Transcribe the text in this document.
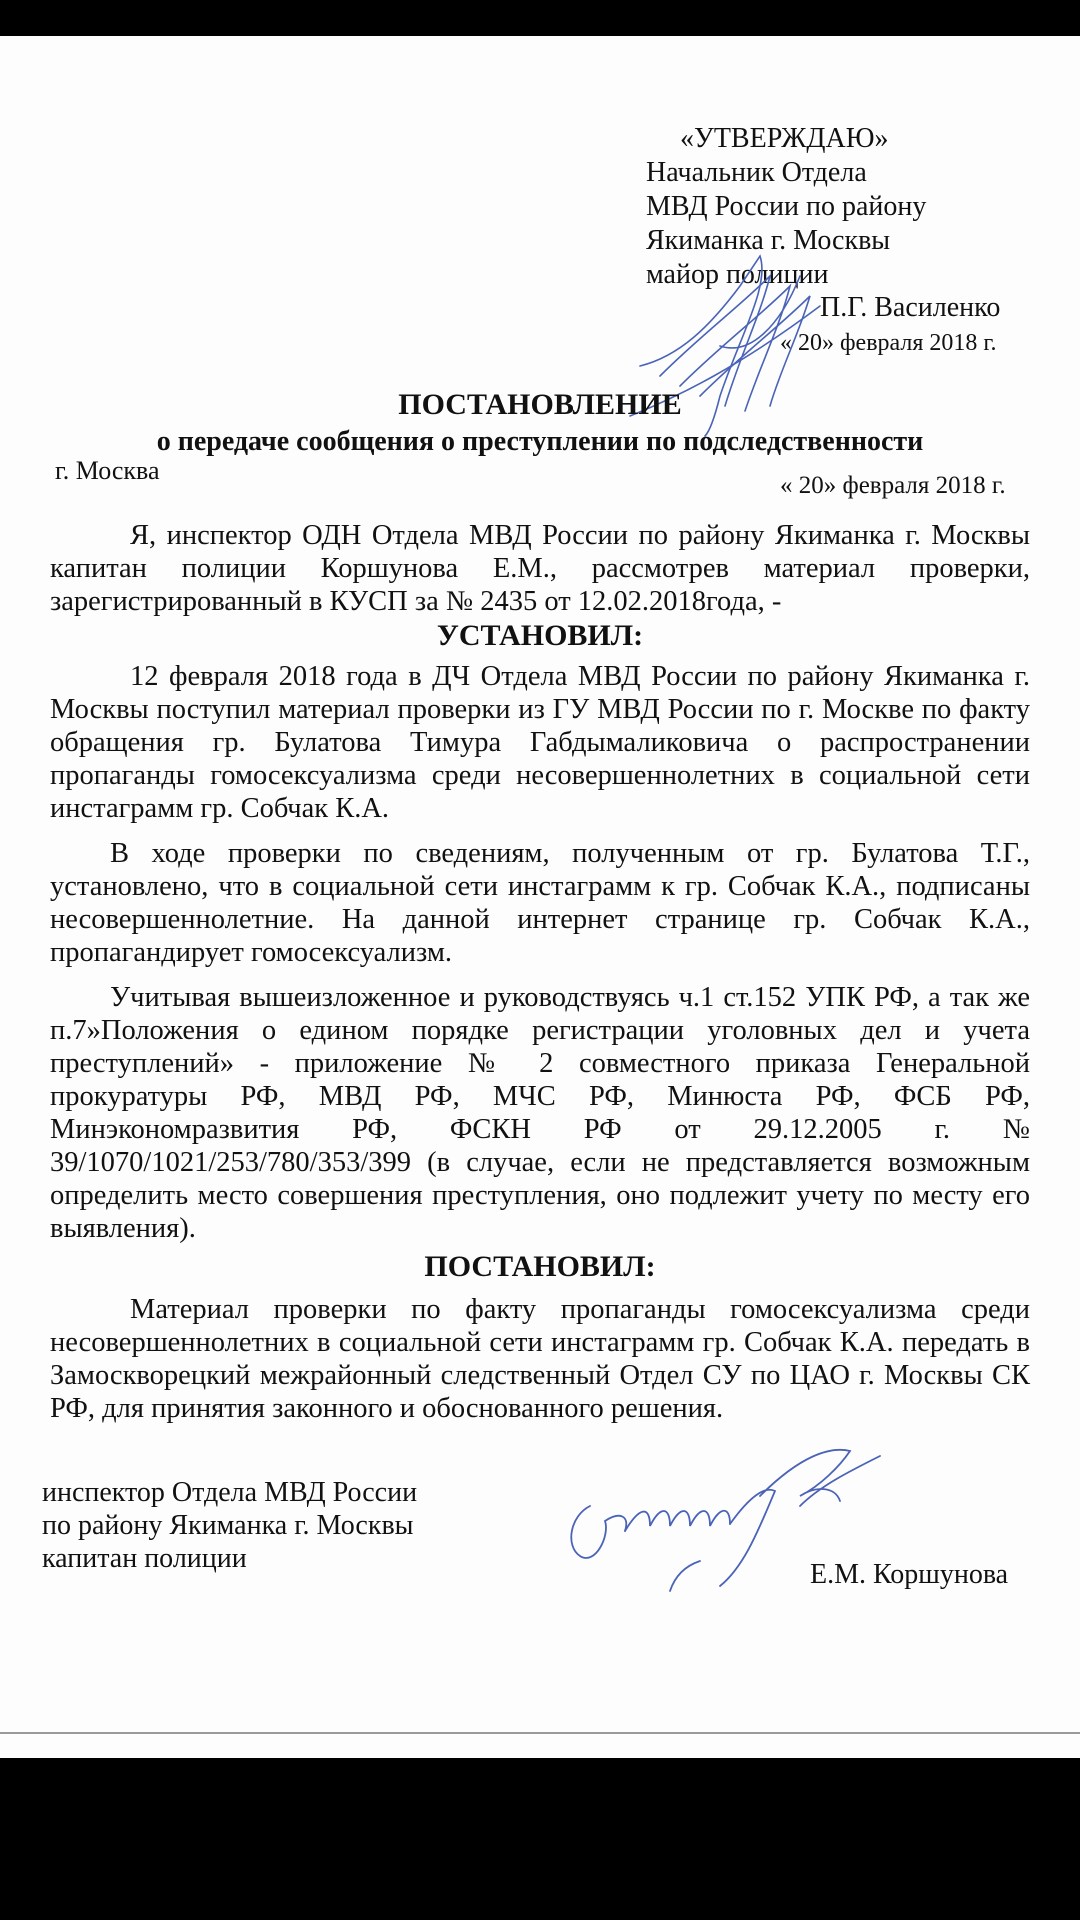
«УТВЕРЖДАЮ»
Начальник Отдела
МВД России по району
Якиманка г. Москвы
майор полиции
П.Г. Василенко
« 20» февраля 2018 г.
ПОСТАНОВЛЕНИЕ
о передаче сообщения о преступлении по подследственности
г. Москва
« 20» февраля 2018 г.

Я, инспектор ОДН Отдела МВД России по району Якиманка г. Москвы капитан полиции Коршунова Е.М., рассмотрев материал проверки, зарегистрированный в КУСП за № 2435 от 12.02.2018года, -

УСТАНОВИЛ:

12 февраля 2018 года в ДЧ Отдела МВД России по району Якиманка г. Москвы поступил материал проверки из ГУ МВД России по г. Москве по факту обращения гр. Булатова Тимура Габдымаликовича о распространении пропаганды гомосексуализма среди несовершеннолетних в социальной сети инстаграмм гр. Собчак К.А.

В ходе проверки по сведениям, полученным от гр. Булатова Т.Г., установлено, что в социальной сети инстаграмм к гр. Собчак К.А., подписаны несовершеннолетние. На данной интернет странице гр. Собчак К.А., пропагандирует гомосексуализм.

Учитывая вышеизложенное и руководствуясь ч.1 ст.152 УПК РФ, а так же п.7»Положения о едином порядке регистрации уголовных дел и учета преступлений» - приложение № 2 совместного приказа Генеральной прокуратуры РФ, МВД РФ, МЧС РФ, Минюста РФ, ФСБ РФ, Минэкономразвития РФ, ФСКН РФ от 29.12.2005 г. № 39/1070/1021/253/780/353/399 (в случае, если не представляется возможным определить место совершения преступления, оно подлежит учету по месту его выявления).

ПОСТАНОВИЛ:

Материал проверки по факту пропаганды гомосексуализма среди несовершеннолетних в социальной сети инстаграмм гр. Собчак К.А. передать в Замоскворецкий межрайонный следственный Отдел СУ по ЦАО г. Москвы СК РФ, для принятия законного и обоснованного решения.

инспектор Отдела МВД России
по району Якиманка г. Москвы
капитан полиции
Е.М. Коршунова
